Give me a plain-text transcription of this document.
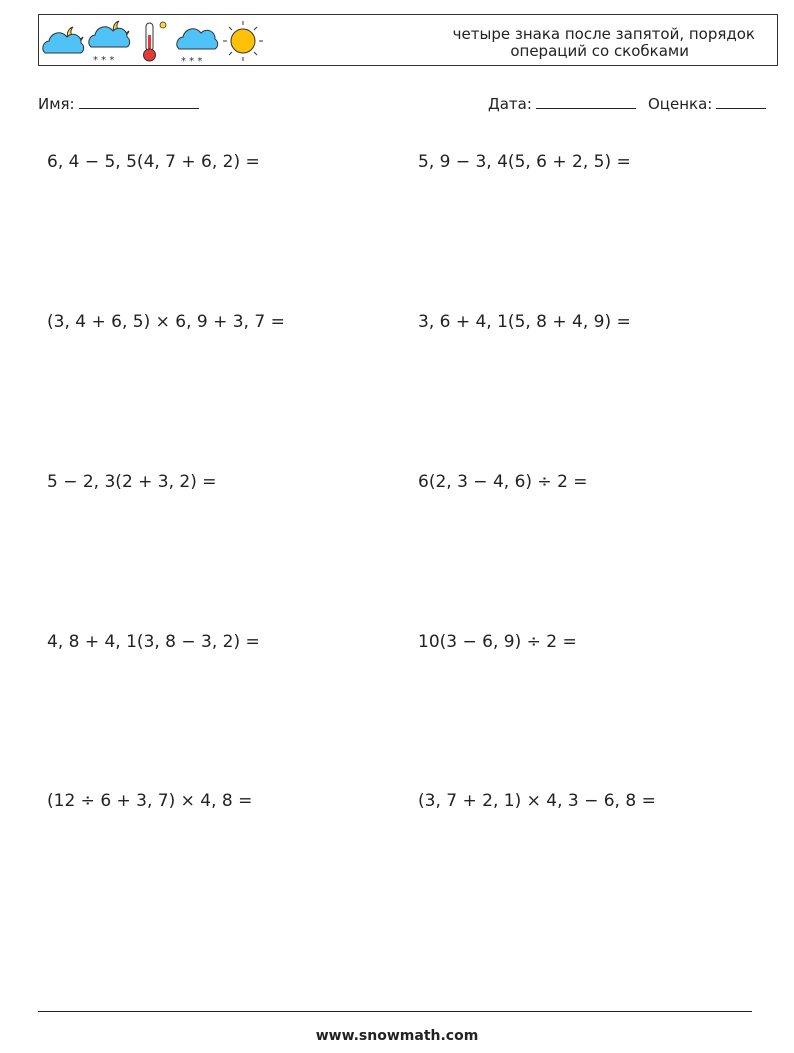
* * *	* * *
четыре знака после запятой, порядок
операций со скобками
Имя:	Дата:	Оценка:
6, 4 − 5, 5(4, 7 + 6, 2) =	5, 9 − 3, 4(5, 6 + 2, 5) =
(3, 4 + 6, 5) × 6, 9 + 3, 7 =	3, 6 + 4, 1(5, 8 + 4, 9) =
5 − 2, 3(2 + 3, 2) =	6(2, 3 − 4, 6) ÷ 2 =
4, 8 + 4, 1(3, 8 − 3, 2) =	10(3 − 6, 9) ÷ 2 =
(12 ÷ 6 + 3, 7) × 4, 8 =	(3, 7 + 2, 1) × 4, 3 − 6, 8 =
www.snowmath.com
